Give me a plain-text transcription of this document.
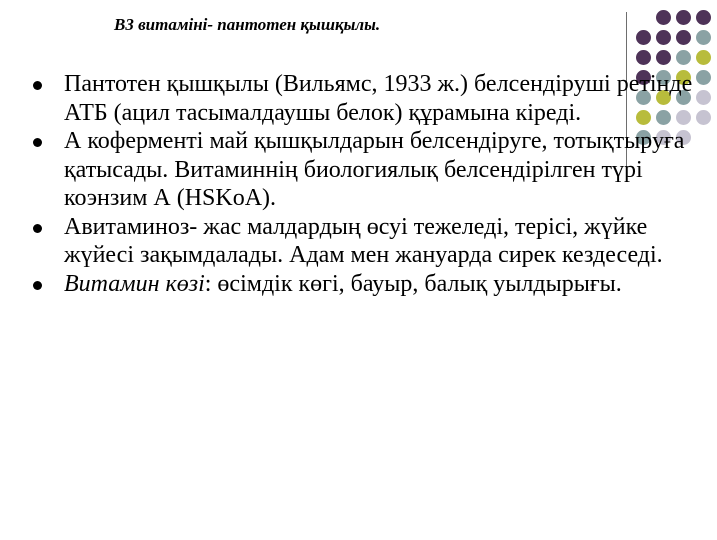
B3 витаміні- пантотен қышқылы.
Пантотен қышқылы (Вильямс, 1933 ж.) белсендіруші ретінде АТБ (ацил тасымалдаушы белок) құрамына кіреді.
А коферменті май қышқылдарын белсендіруге, тотықтыруға қатысады. Витаминнің биологиялық белсендірілген түрі коэнзим А (HSKoA).
Авитаминоз- жас малдардың өсуі тежеледі, терісі, жүйке жүйесі зақымдалады. Адам мен жануарда сирек кездеседі.
Витамин көзі: өсімдік көгі, бауыр, балық уылдырығы.
